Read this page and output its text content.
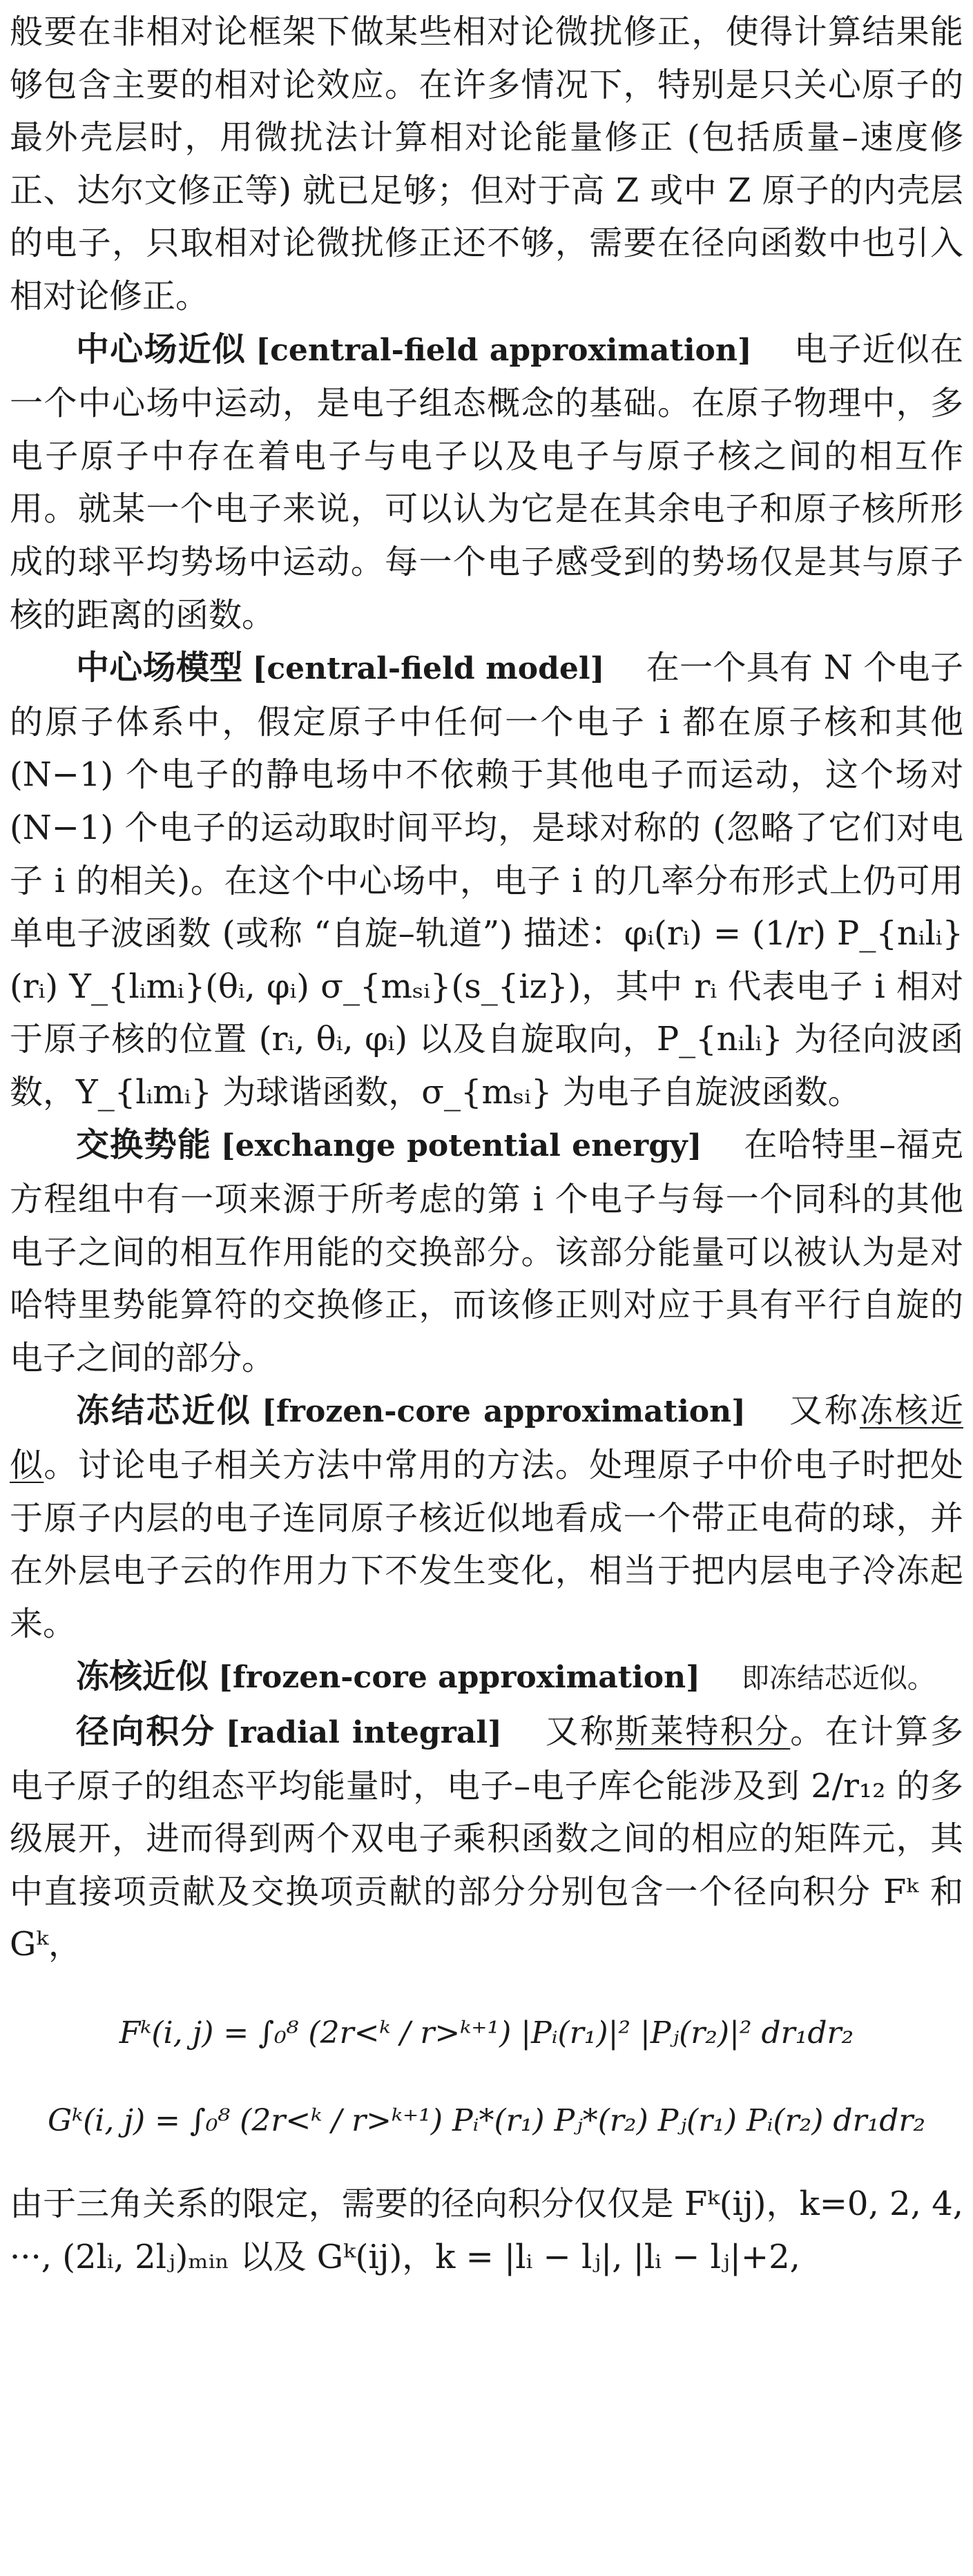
般要在非相对论框架下做某些相对论微扰修正，使得计算结果能够包含主要的相对论效应。在许多情况下，特别是只关心原子的最外壳层时，用微扰法计算相对论能量修正 (包括质量–速度修正、达尔文修正等) 就已足够；但对于高 Z 或中 Z 原子的内壳层的电子，只取相对论微扰修正还不够，需要在径向函数中也引入相对论修正。

中心场近似 [central-field approximation] 电子近似在一个中心场中运动，是电子组态概念的基础。在原子物理中，多电子原子中存在着电子与电子以及电子与原子核之间的相互作用。就某一个电子来说，可以认为它是在其余电子和原子核所形成的球平均势场中运动。每一个电子感受到的势场仅是其与原子核的距离的函数。

中心场模型 [central-field model] 在一个具有 N 个电子的原子体系中，假定原子中任何一个电子 i 都在原子核和其他 (N−1) 个电子的静电场中不依赖于其他电子而运动，这个场对 (N−1) 个电子的运动取时间平均，是球对称的 (忽略了它们对电子 i 的相关)。在这个中心场中，电子 i 的几率分布形式上仍可用单电子波函数 (或称 “自旋–轨道”) 描述：φᵢ(rᵢ) = (1/r) P_{nᵢlᵢ}(rᵢ) Y_{lᵢmᵢ}(θᵢ, φᵢ) σ_{mₛᵢ}(s_{iz})，其中 rᵢ 代表电子 i 相对于原子核的位置 (rᵢ, θᵢ, φᵢ) 以及自旋取向，P_{nᵢlᵢ} 为径向波函数，Y_{lᵢmᵢ} 为球谐函数，σ_{mₛᵢ} 为电子自旋波函数。

交换势能 [exchange potential energy] 在哈特里–福克方程组中有一项来源于所考虑的第 i 个电子与每一个同科的其他电子之间的相互作用能的交换部分。该部分能量可以被认为是对哈特里势能算符的交换修正，而该修正则对应于具有平行自旋的电子之间的部分。

冻结芯近似 [frozen-core approximation] 又称冻核近似。讨论电子相关方法中常用的方法。处理原子中价电子时把处于原子内层的电子连同原子核近似地看成一个带正电荷的球，并在外层电子云的作用力下不发生变化，相当于把内层电子冷冻起来。

冻核近似 [frozen-core approximation] 即冻结芯近似。

径向积分 [radial integral] 又称斯莱特积分。在计算多电子原子的组态平均能量时，电子–电子库仑能涉及到 2/r₁₂ 的多级展开，进而得到两个双电子乘积函数之间的相应的矩阵元，其中直接项贡献及交换项贡献的部分分别包含一个径向积分 Fᵏ 和 Gᵏ，

Fᵏ(i, j) = ∫₀⁸ (2r<ᵏ / r>ᵏ⁺¹) |Pᵢ(r₁)|² |Pⱼ(r₂)|² dr₁dr₂

Gᵏ(i, j) = ∫₀⁸ (2r<ᵏ / r>ᵏ⁺¹) Pᵢ*(r₁) Pⱼ*(r₂) Pⱼ(r₁) Pᵢ(r₂) dr₁dr₂

由于三角关系的限定，需要的径向积分仅仅是 Fᵏ(ij)，k=0, 2, 4, ···, (2lᵢ, 2lⱼ)ₘᵢₙ 以及 Gᵏ(ij)，k = |lᵢ − lⱼ|, |lᵢ − lⱼ|+2,
